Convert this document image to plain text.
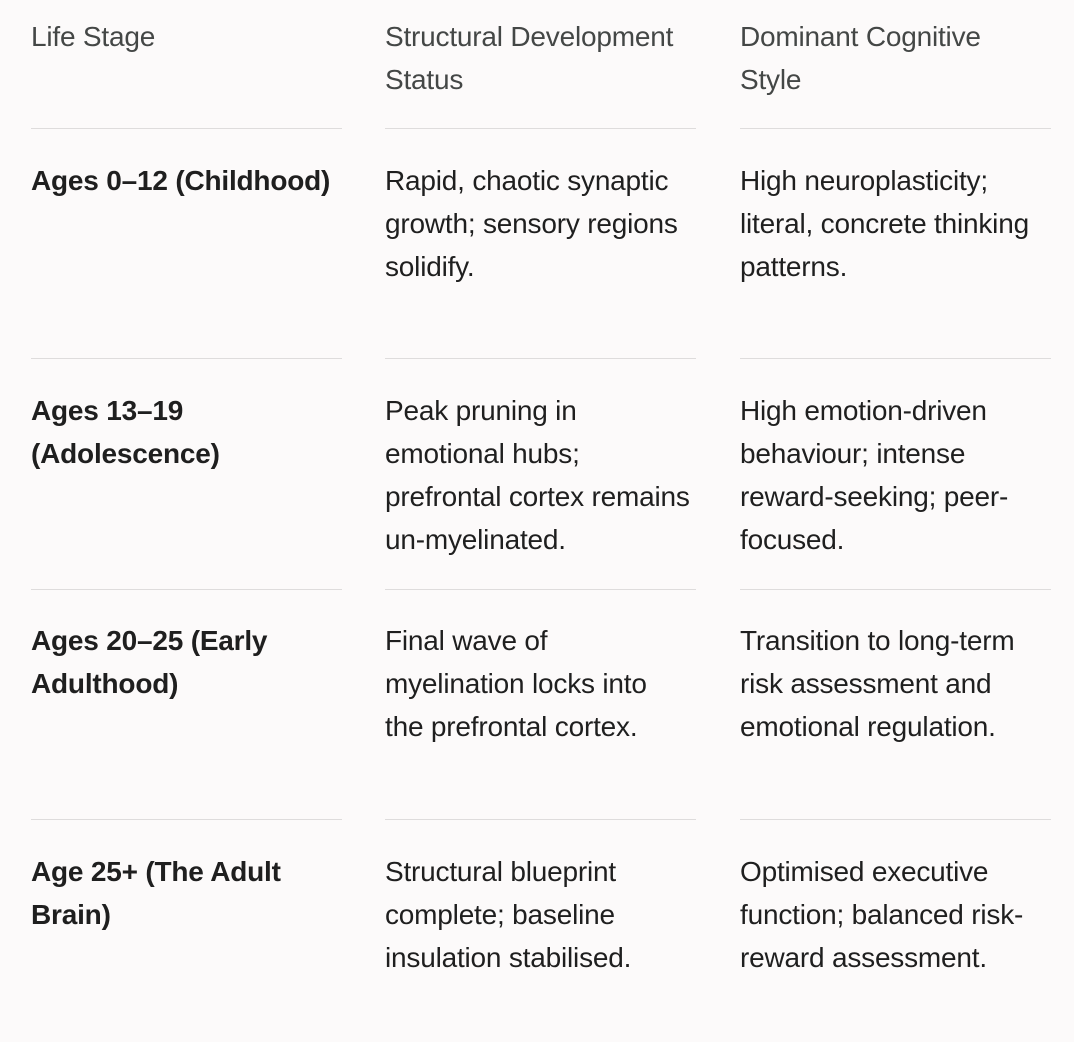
Life Stage	Structural Development Status
Dominant Cognitive Style
Ages 0–12 (Childhood)	Rapid, chaotic synaptic growth; sensory regions solidify.
High neuroplasticity; literal, concrete thinking patterns.
Ages 13–19 (Adolescence)
Peak pruning in emotional hubs; prefrontal cortex remains un-myelinated.
High emotion-driven behaviour; intense reward-seeking; peer-focused.
Ages 20–25 (Early Adulthood)
Final wave of myelination locks into the prefrontal cortex.
Transition to long-term risk assessment and emotional regulation.
Age 25+ (The Adult Brain)
Structural blueprint complete; baseline insulation stabilised.
Optimised executive function; balanced risk-reward assessment.
